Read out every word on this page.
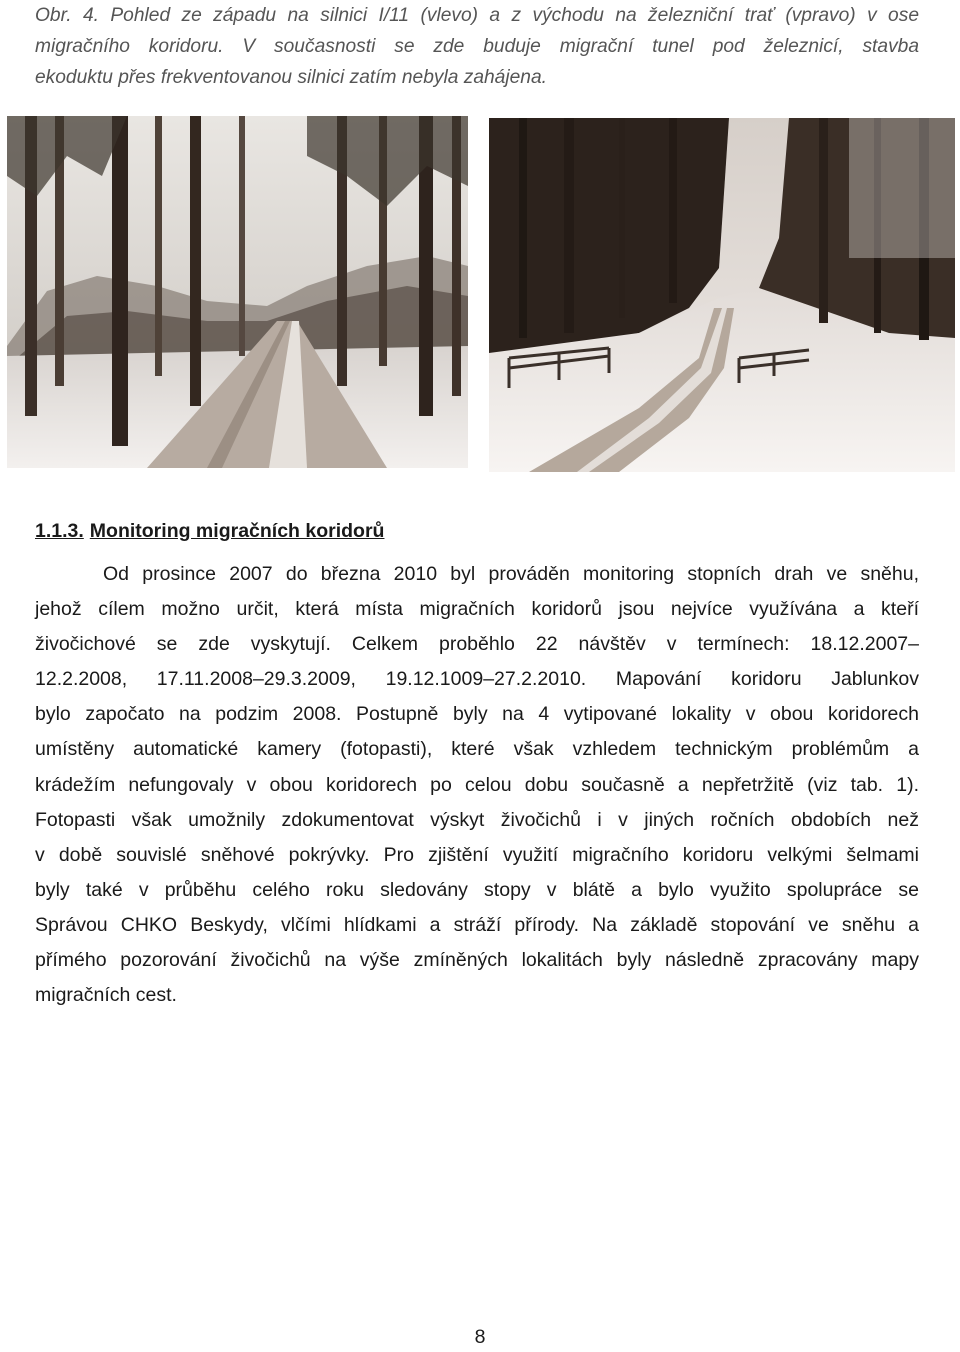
Obr. 4. Pohled ze západu na silnici I/11 (vlevo) a z východu na železniční trať (vpravo) v ose
migračního koridoru. V současnosti se zde buduje migrační tunel pod železnicí, stavba
ekoduktu přes frekventovanou silnici zatím nebyla zahájena.
1.1.3. Monitoring migračních koridorů

Od prosince 2007 do března 2010 byl prováděn monitoring stopních drah ve sněhu,
jehož cílem možno určit, která místa migračních koridorů jsou nejvíce využívána a kteří
živočichové se zde vyskytují. Celkem proběhlo 22 návštěv v termínech: 18.12.2007–
12.2.2008, 17.11.2008–29.3.2009, 19.12.1009–27.2.2010. Mapování koridoru Jablunkov
bylo započato na podzim 2008. Postupně byly na 4 vytipované lokality v obou koridorech
umístěny automatické kamery (fotopasti), které však vzhledem technickým problémům a
krádežím nefungovaly v obou koridorech po celou dobu současně a nepřetržitě (viz tab. 1).
Fotopasti však umožnily zdokumentovat výskyt živočichů i v jiných ročních obdobích než
v době souvislé sněhové pokrývky. Pro zjištění využití migračního koridoru velkými šelmami
byly také v průběhu celého roku sledovány stopy v blátě a bylo využito spolupráce se
Správou CHKO Beskydy, vlčími hlídkami a stráží přírody. Na základě stopování ve sněhu a
přímého pozorování živočichů na výše zmíněných lokalitách byly následně zpracovány mapy
migračních cest.

8
